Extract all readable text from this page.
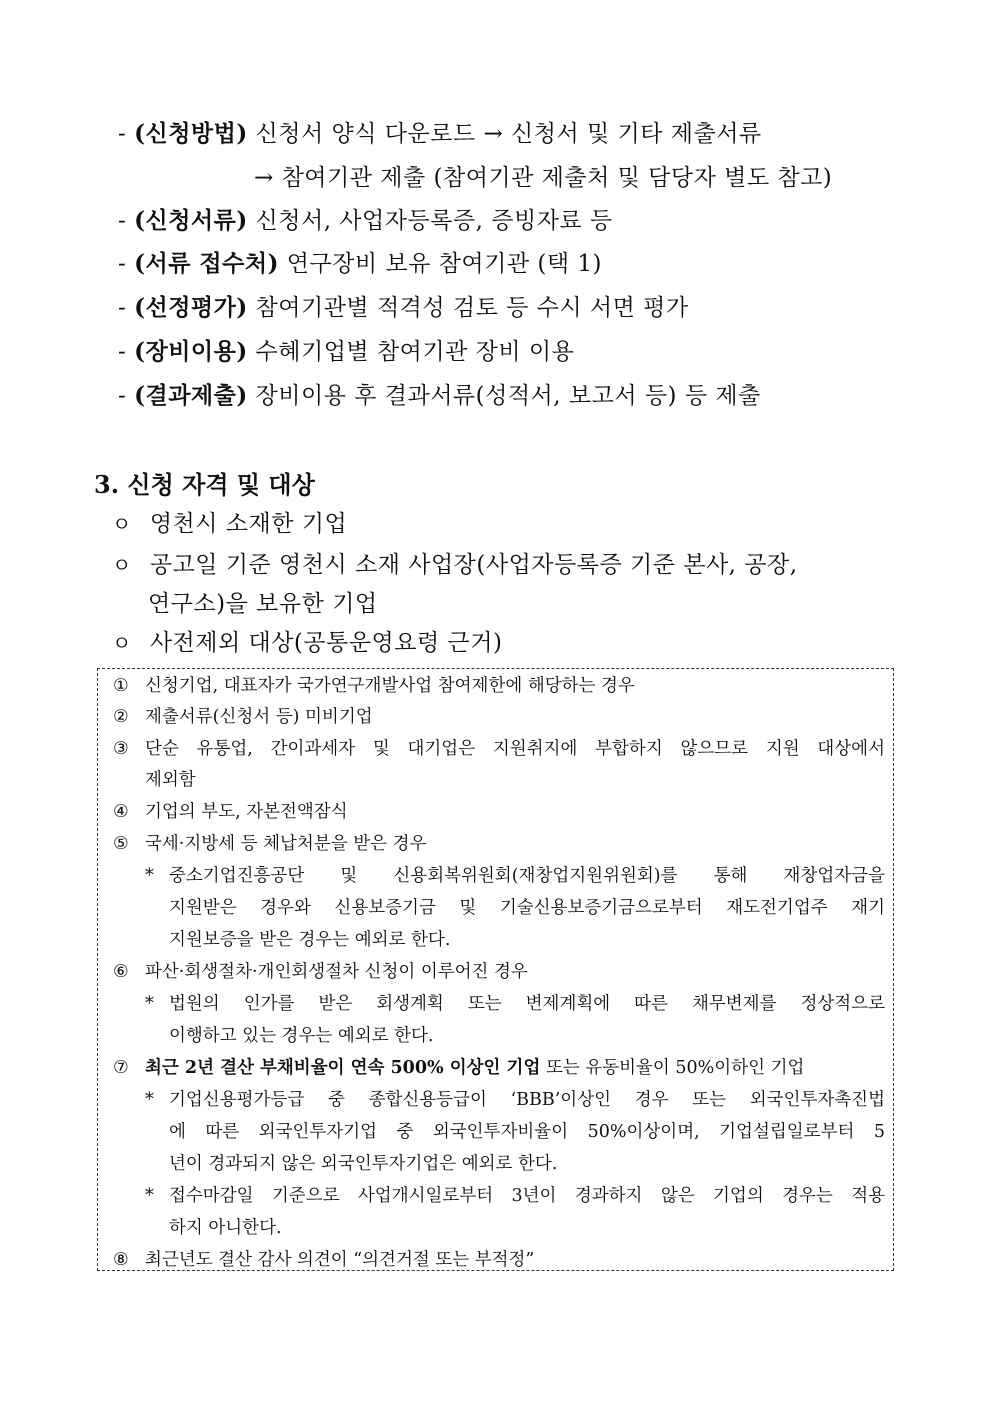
- (신청방법) 신청서 양식 다운로드 → 신청서 및 기타 제출서류
→ 참여기관 제출 (참여기관 제출처 및 담당자 별도 참고)
- (신청서류) 신청서, 사업자등록증, 증빙자료 등
- (서류 접수처) 연구장비 보유 참여기관 (택 1)
- (선정평가) 참여기관별 적격성 검토 등 수시 서면 평가
- (장비이용) 수혜기업별 참여기관 장비 이용
- (결과제출) 장비이용 후 결과서류(성적서, 보고서 등) 등 제출
3. 신청 자격 및 대상
ㅇ 영천시 소재한 기업
ㅇ 공고일 기준 영천시 소재 사업장(사업자등록증 기준 본사, 공장,
연구소)을 보유한 기업
ㅇ 사전제외 대상(공통운영요령 근거)
① 신청기업, 대표자가 국가연구개발사업 참여제한에 해당하는 경우
② 제출서류(신청서 등) 미비기업
③ 단순 유통업, 간이과세자 및 대기업은 지원취지에 부합하지 않으므로 지원 대상에서
제외함
④ 기업의 부도, 자본전액잠식
⑤ 국세·지방세 등 체납처분을 받은 경우
* 중소기업진흥공단 및 신용회복위원회(재창업지원위원회)를 통해 재창업자금을
지원받은 경우와 신용보증기금 및 기술신용보증기금으로부터 재도전기업주 재기
지원보증을 받은 경우는 예외로 한다.
⑥ 파산·회생절차·개인회생절차 신청이 이루어진 경우
* 법원의 인가를 받은 회생계획 또는 변제계획에 따른 채무변제를 정상적으로
이행하고 있는 경우는 예외로 한다.
⑦ 최근 2년 결산 부채비율이 연속 500% 이상인 기업 또는 유동비율이 50%이하인 기업
* 기업신용평가등급 중 종합신용등급이 ‘BBB’이상인 경우 또는 외국인투자촉진법
에 따른 외국인투자기업 중 외국인투자비율이 50%이상이며, 기업설립일로부터 5
년이 경과되지 않은 외국인투자기업은 예외로 한다.
* 접수마감일 기준으로 사업개시일로부터 3년이 경과하지 않은 기업의 경우는 적용
하지 아니한다.
⑧ 최근년도 결산 감사 의견이 “의견거절 또는 부적정”
